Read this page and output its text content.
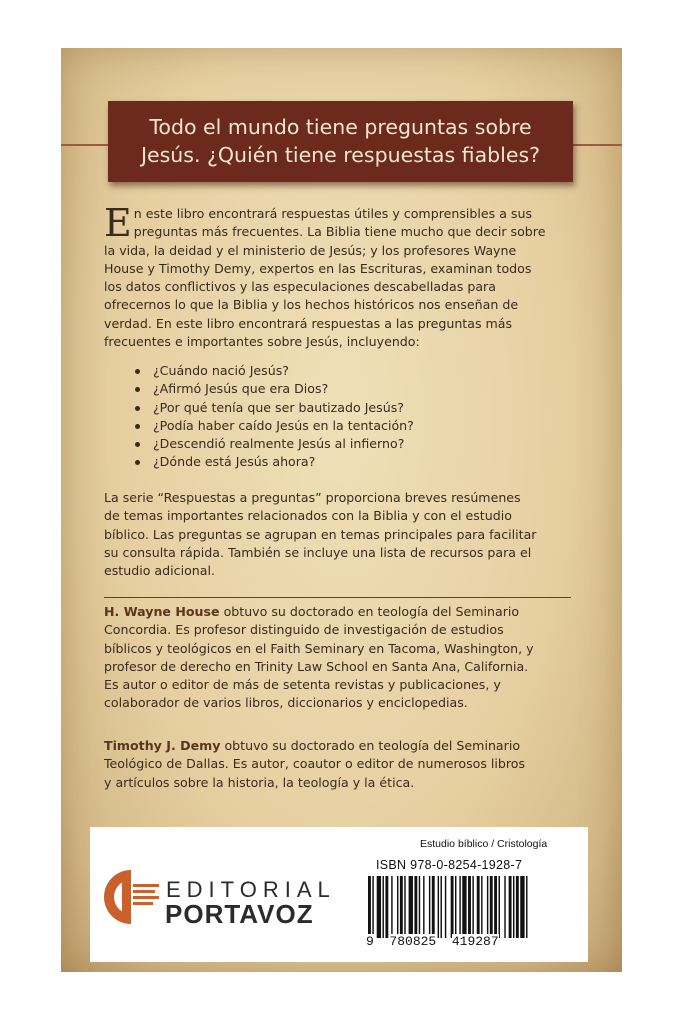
Todo el mundo tiene preguntas sobre
Jesús. ¿Quién tiene respuestas fiables?
E n este libro encontrará respuestas útiles y comprensibles a sus
preguntas más frecuentes. La Biblia tiene mucho que decir sobre
la vida, la deidad y el ministerio de Jesús; y los profesores Wayne
House y Timothy Demy, expertos en las Escrituras, examinan todos
los datos conflictivos y las especulaciones descabelladas para
ofrecernos lo que la Biblia y los hechos históricos nos enseñan de
verdad. En este libro encontrará respuestas a las preguntas más
frecuentes e importantes sobre Jesús, incluyendo:
¿Cuándo nació Jesús?
¿Afirmó Jesús que era Dios?
¿Por qué tenía que ser bautizado Jesús?
¿Podía haber caído Jesús en la tentación?
¿Descendió realmente Jesús al infierno?
¿Dónde está Jesús ahora?
La serie “Respuestas a preguntas” proporciona breves resúmenes
de temas importantes relacionados con la Biblia y con el estudio
bíblico. Las preguntas se agrupan en temas principales para facilitar
su consulta rápida. También se incluye una lista de recursos para el
estudio adicional.
H. Wayne House obtuvo su doctorado en teología del Seminario
Concordia. Es profesor distinguido de investigación de estudios
bíblicos y teológicos en el Faith Seminary en Tacoma, Washington, y
profesor de derecho en Trinity Law School en Santa Ana, California.
Es autor o editor de más de setenta revistas y publicaciones, y
colaborador de varios libros, diccionarios y enciclopedias.
Timothy J. Demy obtuvo su doctorado en teología del Seminario
Teológico de Dallas. Es autor, coautor o editor de numerosos libros
y artículos sobre la historia, la teología y la ética.
Estudio bíblico / Cristología
ISBN 978-0-8254-1928-7
9 780825 419287
EDITORIAL
PORTAVOZ
